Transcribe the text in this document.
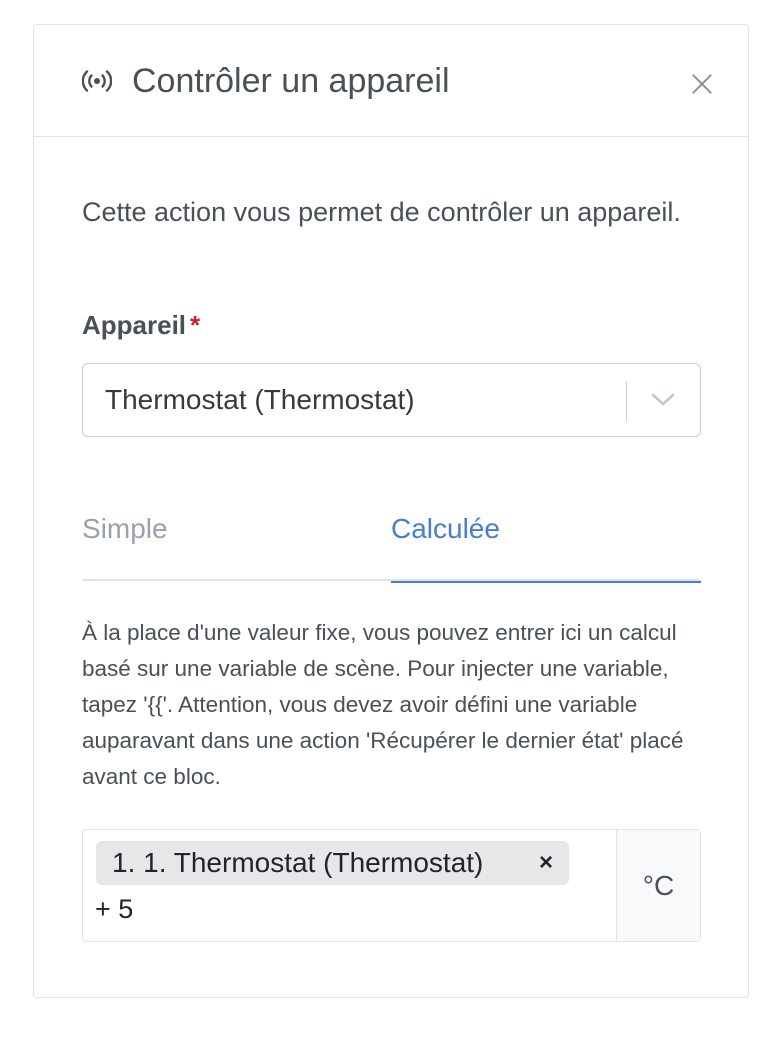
Contrôler un appareil
Cette action vous permet de contrôler un appareil.
Appareil *
Thermostat (Thermostat)
Simple	Calculée
À la place d'une valeur fixe, vous pouvez entrer ici un calcul basé sur une variable de scène. Pour injecter une variable, tapez '{{'. Attention, vous devez avoir défini une variable auparavant dans une action 'Récupérer le dernier état' placé avant ce bloc.
1. 1. Thermostat (Thermostat) ×
+ 5
°C
